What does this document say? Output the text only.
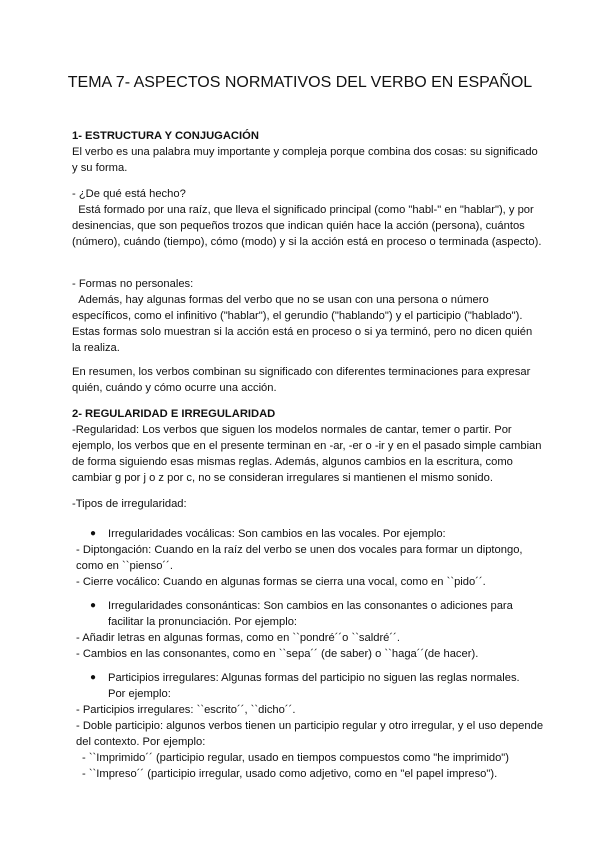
TEMA 7- ASPECTOS NORMATIVOS DEL VERBO EN ESPAÑOL

1- ESTRUCTURA Y CONJUGACIÓN

El verbo es una palabra muy importante y compleja porque combina dos cosas: su significado y su forma.

- ¿De qué está hecho?

Está formado por una raíz, que lleva el significado principal (como "habl-" en "hablar"), y por desinencias, que son pequeños trozos que indican quién hace la acción (persona), cuántos (número), cuándo (tiempo), cómo (modo) y si la acción está en proceso o terminada (aspecto).

- Formas no personales:

Además, hay algunas formas del verbo que no se usan con una persona o número específicos, como el infinitivo ("hablar"), el gerundio ("hablando") y el participio ("hablado"). Estas formas solo muestran si la acción está en proceso o si ya terminó, pero no dicen quién la realiza.

En resumen, los verbos combinan su significado con diferentes terminaciones para expresar quién, cuándo y cómo ocurre una acción.

2- REGULARIDAD E IRREGULARIDAD

-Regularidad: Los verbos que siguen los modelos normales de cantar, temer o partir. Por ejemplo, los verbos que en el presente terminan en -ar, -er o -ir y en el pasado simple cambian de forma siguiendo esas mismas reglas. Además, algunos cambios en la escritura, como cambiar g por j o z por c, no se consideran irregulares si mantienen el mismo sonido.

-Tipos de irregularidad:

●	Irregularidades vocálicas: Son cambios en las vocales. Por ejemplo:

- Diptongación: Cuando en la raíz del verbo se unen dos vocales para formar un diptongo, como en ``pienso´´.

- Cierre vocálico: Cuando en algunas formas se cierra una vocal, como en ``pido´´.

●	Irregularidades consonánticas: Son cambios en las consonantes o adiciones para facilitar la pronunciación. Por ejemplo:

- Añadir letras en algunas formas, como en ``pondré´´o ``saldré´´.

- Cambios en las consonantes, como en ``sepa´´ (de saber) o ``haga´´(de hacer).

●	Participios irregulares: Algunas formas del participio no siguen las reglas normales. Por ejemplo:

- Participios irregulares: ``escrito´´, ``dicho´´.

- Doble participio: algunos verbos tienen un participio regular y otro irregular, y el uso depende del contexto. Por ejemplo:

- ``Imprimido´´ (participio regular, usado en tiempos compuestos como "he imprimido")

- ``Impreso´´ (participio irregular, usado como adjetivo, como en "el papel impreso").
